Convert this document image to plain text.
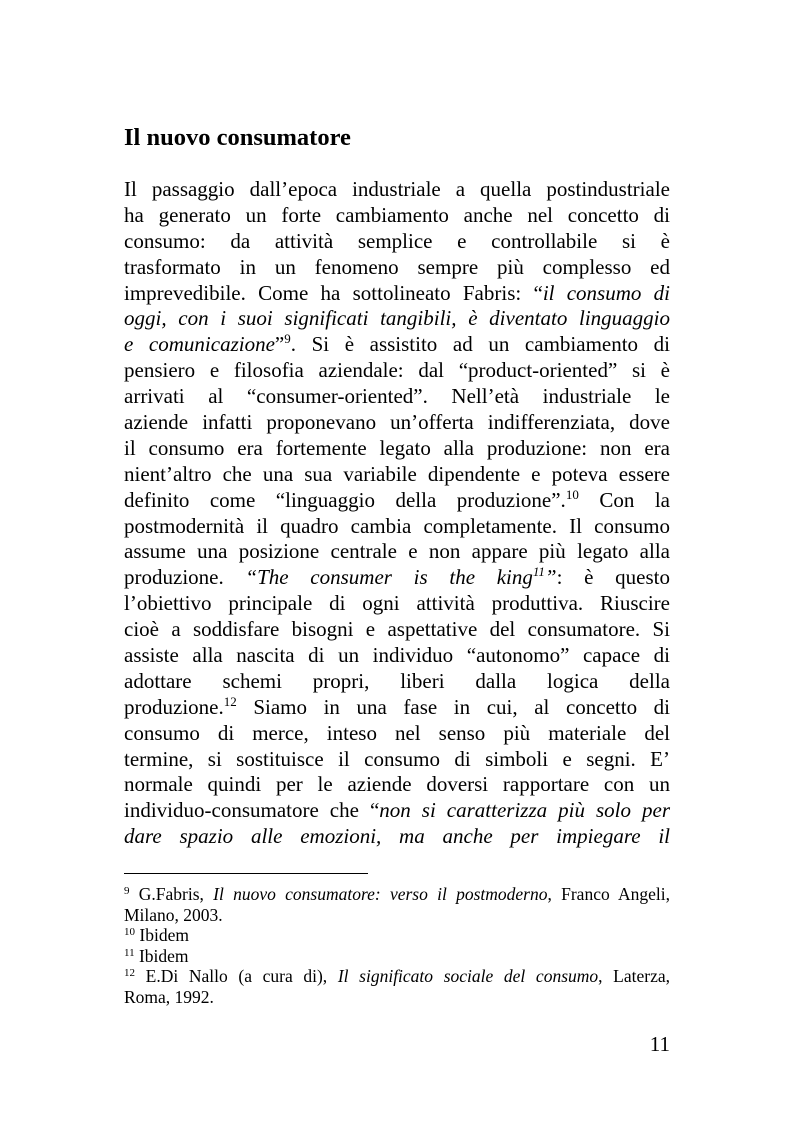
Il nuovo consumatore
Il passaggio dall’epoca industriale a quella postindustriale
ha generato un forte cambiamento anche nel concetto di
consumo: da attività semplice e controllabile si è
trasformato in un fenomeno sempre più complesso ed
imprevedibile. Come ha sottolineato Fabris: “il consumo di
oggi, con i suoi significati tangibili, è diventato linguaggio
e comunicazione”$^9$. Si è assistito ad un cambiamento di
pensiero e filosofia aziendale: dal “product-oriented” si è
arrivati al “consumer-oriented”. Nell’età industriale le
aziende infatti proponevano un’offerta indifferenziata, dove
il consumo era fortemente legato alla produzione: non era
nient’altro che una sua variabile dipendente e poteva essere
definito come “linguaggio della produzione”.$^{10}$ Con la
postmodernità il quadro cambia completamente. Il consumo
assume una posizione centrale e non appare più legato alla
produzione. “The consumer is the king$^{11}$”: è questo
l’obiettivo principale di ogni attività produttiva. Riuscire
cioè a soddisfare bisogni e aspettative del consumatore. Si
assiste alla nascita di un individuo “autonomo” capace di
adottare schemi propri, liberi dalla logica della
produzione.$^{12}$ Siamo in una fase in cui, al concetto di
consumo di merce, inteso nel senso più materiale del
termine, si sostituisce il consumo di simboli e segni. E’
normale quindi per le aziende doversi rapportare con un
individuo-consumatore che “non si caratterizza più solo per
dare spazio alle emozioni, ma anche per impiegare il
$^9$ G.Fabris, Il nuovo consumatore: verso il postmoderno, Franco Angeli,
Milano, 2003.
$^{10}$ Ibidem
$^{11}$ Ibidem
$^{12}$ E.Di Nallo (a cura di), Il significato sociale del consumo, Laterza,
Roma, 1992.
11
